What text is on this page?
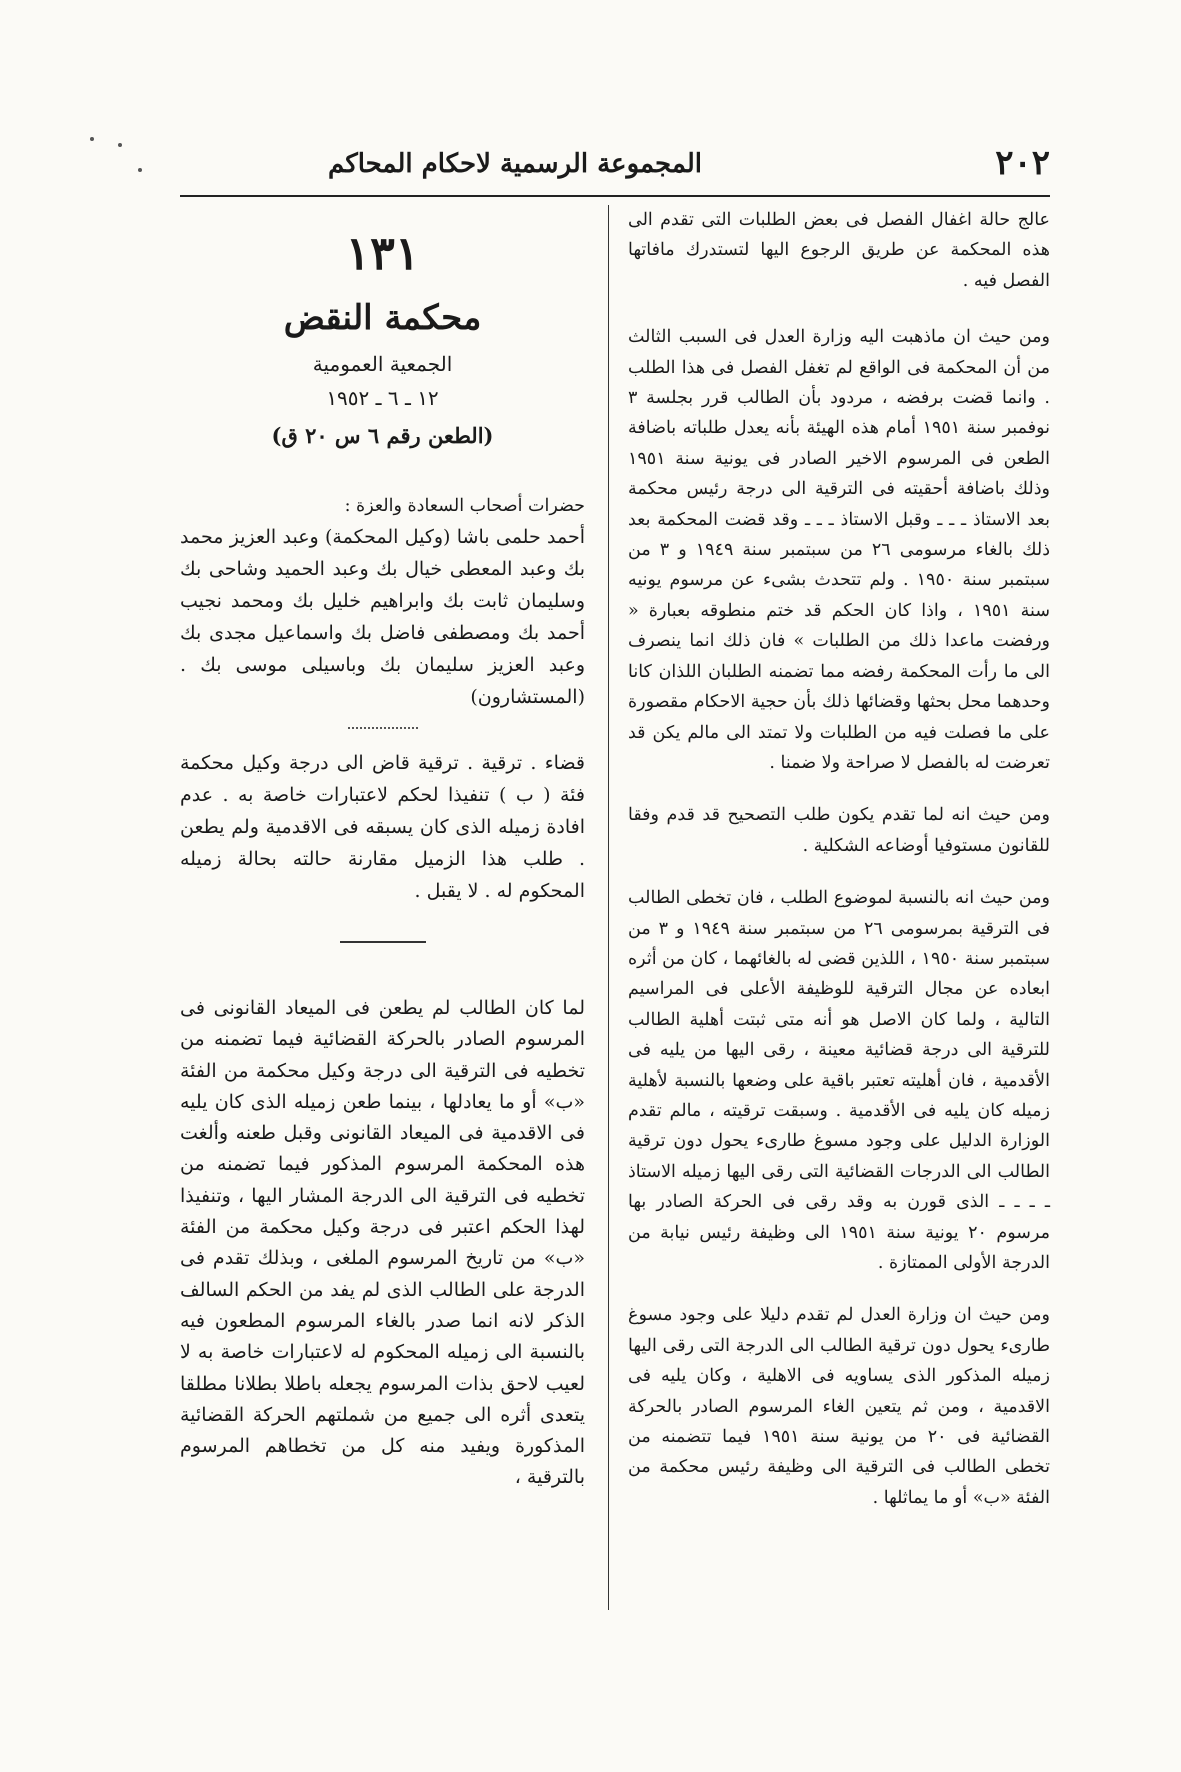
٢٠٢
المجموعة الرسمية لاحكام المحاكم

عالج حالة اغفال الفصل فى بعض الطلبات التى تقدم الى هذه المحكمة عن طريق الرجوع اليها لتستدرك مافاتها الفصل فيه .

ومن حيث ان ماذهبت اليه وزارة العدل فى السبب الثالث من أن المحكمة فى الواقع لم تغفل الفصل فى هذا الطلب . وانما قضت برفضه ، مردود بأن الطالب قرر بجلسة ٣ نوفمبر سنة ١٩٥١ أمام هذه الهيئة بأنه يعدل طلباته باضافة الطعن فى المرسوم الاخير الصادر فى يونية سنة ١٩٥١ وذلك باضافة أحقيته فى الترقية الى درجة رئيس محكمة بعد الاستاذ ـ ـ ـ وقبل الاستاذ ـ ـ ـ وقد قضت المحكمة بعد ذلك بالغاء مرسومى ٢٦ من سبتمبر سنة ١٩٤٩ و ٣ من سبتمبر سنة ١٩٥٠ . ولم تتحدث بشىء عن مرسوم يونيه سنة ١٩٥١ ، واذا كان الحكم قد ختم منطوقه بعبارة « ورفضت ماعدا ذلك من الطلبات » فان ذلك انما ينصرف الى ما رأت المحكمة رفضه مما تضمنه الطلبان اللذان كانا وحدهما محل بحثها وقضائها ذلك بأن حجية الاحكام مقصورة على ما فصلت فيه من الطلبات ولا تمتد الى مالم يكن قد تعرضت له بالفصل لا صراحة ولا ضمنا .

ومن حيث انه لما تقدم يكون طلب التصحيح قد قدم وفقا للقانون مستوفيا أوضاعه الشكلية .

ومن حيث انه بالنسبة لموضوع الطلب ، فان تخطى الطالب فى الترقية بمرسومى ٢٦ من سبتمبر سنة ١٩٤٩ و ٣ من سبتمبر سنة ١٩٥٠ ، اللذين قضى له بالغائهما ، كان من أثره ابعاده عن مجال الترقية للوظيفة الأعلى فى المراسيم التالية ، ولما كان الاصل هو أنه متى ثبتت أهلية الطالب للترقية الى درجة قضائية معينة ، رقى اليها من يليه فى الأقدمية ، فان أهليته تعتبر باقية على وضعها بالنسبة لأهلية زميله كان يليه فى الأقدمية . وسبقت ترقيته ، مالم تقدم الوزارة الدليل على وجود مسوغ طارىء يحول دون ترقية الطالب الى الدرجات القضائية التى رقى اليها زميله الاستاذ ـ ـ ـ ـ الذى قورن به وقد رقى فى الحركة الصادر بها مرسوم ٢٠ يونية سنة ١٩٥١ الى وظيفة رئيس نيابة من الدرجة الأولى الممتازة .

ومن حيث ان وزارة العدل لم تقدم دليلا على وجود مسوغ طارىء يحول دون ترقية الطالب الى الدرجة التى رقى اليها زميله المذكور الذى يساويه فى الاهلية ، وكان يليه فى الاقدمية ، ومن ثم يتعين الغاء المرسوم الصادر بالحركة القضائية فى ٢٠ من يونية سنة ١٩٥١ فيما تتضمنه من تخطى الطالب فى الترقية الى وظيفة رئيس محكمة من الفئة «ب» أو ما يماثلها .

١٣١
محكمة النقض
الجمعية العمومية
١٢ ـ ٦ ـ ١٩٥٢
(الطعن رقم ٦ س ٢٠ ق)
حضرات أصحاب السعادة والعزة :

أحمد حلمى باشا (وكيل المحكمة) وعبد العزيز محمد بك وعبد المعطى خيال بك وعبد الحميد وشاحى بك وسليمان ثابت بك وابراهيم خليل بك ومحمد نجيب أحمد بك ومصطفى فاضل بك واسماعيل مجدى بك وعبد العزيز سليمان بك وباسيلى موسى بك . (المستشارون)

قضاء . ترقية . ترقية قاض الى درجة وكيل محكمة فئة ( ب ) تنفيذا لحكم لاعتبارات خاصة به . عدم افادة زميله الذى كان يسبقه فى الاقدمية ولم يطعن . طلب هذا الزميل مقارنة حالته بحالة زميله المحكوم له . لا يقبل .

لما كان الطالب لم يطعن فى الميعاد القانونى فى المرسوم الصادر بالحركة القضائية فيما تضمنه من تخطيه فى الترقية الى درجة وكيل محكمة من الفئة «ب» أو ما يعادلها ، بينما طعن زميله الذى كان يليه فى الاقدمية فى الميعاد القانونى وقبل طعنه وألغت هذه المحكمة المرسوم المذكور فيما تضمنه من تخطيه فى الترقية الى الدرجة المشار اليها ، وتنفيذا لهذا الحكم اعتبر فى درجة وكيل محكمة من الفئة «ب» من تاريخ المرسوم الملغى ، وبذلك تقدم فى الدرجة على الطالب الذى لم يفد من الحكم السالف الذكر لانه انما صدر بالغاء المرسوم المطعون فيه بالنسبة الى زميله المحكوم له لاعتبارات خاصة به لا لعيب لاحق بذات المرسوم يجعله باطلا بطلانا مطلقا يتعدى أثره الى جميع من شملتهم الحركة القضائية المذكورة ويفيد منه كل من تخطاهم المرسوم بالترقية ،
